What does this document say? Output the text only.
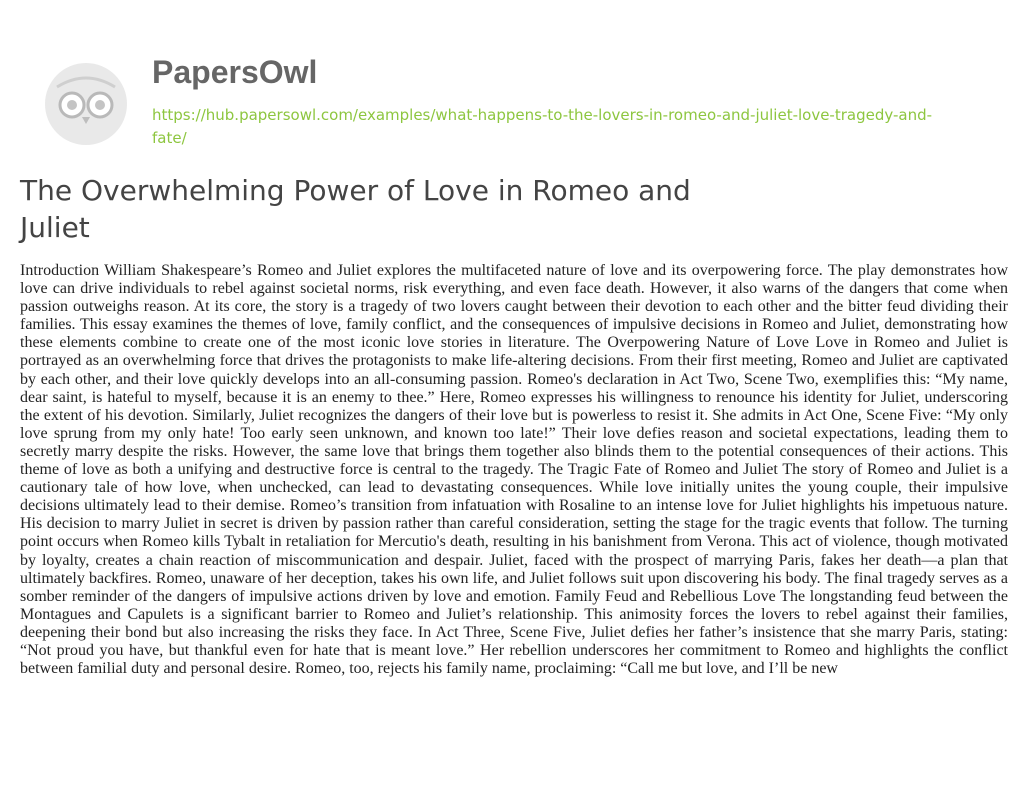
PapersOwl
https://hub.papersowl.com/examples/what-happens-to-the-lovers-in-romeo-and-juliet-love-tragedy-and-fate/
The Overwhelming Power of Love in Romeo and Juliet

Introduction William Shakespeare’s Romeo and Juliet explores the multifaceted nature of love and its overpowering force. The play demonstrates how love can drive individuals to rebel against societal norms, risk everything, and even face death. However, it also warns of the dangers that come when passion outweighs reason. At its core, the story is a tragedy of two lovers caught between their devotion to each other and the bitter feud dividing their families. This essay examines the themes of love, family conflict, and the consequences of impulsive decisions in Romeo and Juliet, demonstrating how these elements combine to create one of the most iconic love stories in literature. The Overpowering Nature of Love Love in Romeo and Juliet is portrayed as an overwhelming force that drives the protagonists to make life-altering decisions. From their first meeting, Romeo and Juliet are captivated by each other, and their love quickly develops into an all-consuming passion. Romeo's declaration in Act Two, Scene Two, exemplifies this: “My name, dear saint, is hateful to myself, because it is an enemy to thee.” Here, Romeo expresses his willingness to renounce his identity for Juliet, underscoring the extent of his devotion. Similarly, Juliet recognizes the dangers of their love but is powerless to resist it. She admits in Act One, Scene Five: “My only love sprung from my only hate! Too early seen unknown, and known too late!” Their love defies reason and societal expectations, leading them to secretly marry despite the risks. However, the same love that brings them together also blinds them to the potential consequences of their actions. This theme of love as both a unifying and destructive force is central to the tragedy. The Tragic Fate of Romeo and Juliet The story of Romeo and Juliet is a cautionary tale of how love, when unchecked, can lead to devastating consequences. While love initially unites the young couple, their impulsive decisions ultimately lead to their demise. Romeo’s transition from infatuation with Rosaline to an intense love for Juliet highlights his impetuous nature. His decision to marry Juliet in secret is driven by passion rather than careful consideration, setting the stage for the tragic events that follow. The turning point occurs when Romeo kills Tybalt in retaliation for Mercutio's death, resulting in his banishment from Verona. This act of violence, though motivated by loyalty, creates a chain reaction of miscommunication and despair. Juliet, faced with the prospect of marrying Paris, fakes her death—a plan that ultimately backfires. Romeo, unaware of her deception, takes his own life, and Juliet follows suit upon discovering his body. The final tragedy serves as a somber reminder of the dangers of impulsive actions driven by love and emotion. Family Feud and Rebellious Love The longstanding feud between the Montagues and Capulets is a significant barrier to Romeo and Juliet’s relationship. This animosity forces the lovers to rebel against their families, deepening their bond but also increasing the risks they face. In Act Three, Scene Five, Juliet defies her father’s insistence that she marry Paris, stating: “Not proud you have, but thankful even for hate that is meant love.” Her rebellion underscores her commitment to Romeo and highlights the conflict between familial duty and personal desire. Romeo, too, rejects his family name, proclaiming: “Call me but love, and I’ll be new
